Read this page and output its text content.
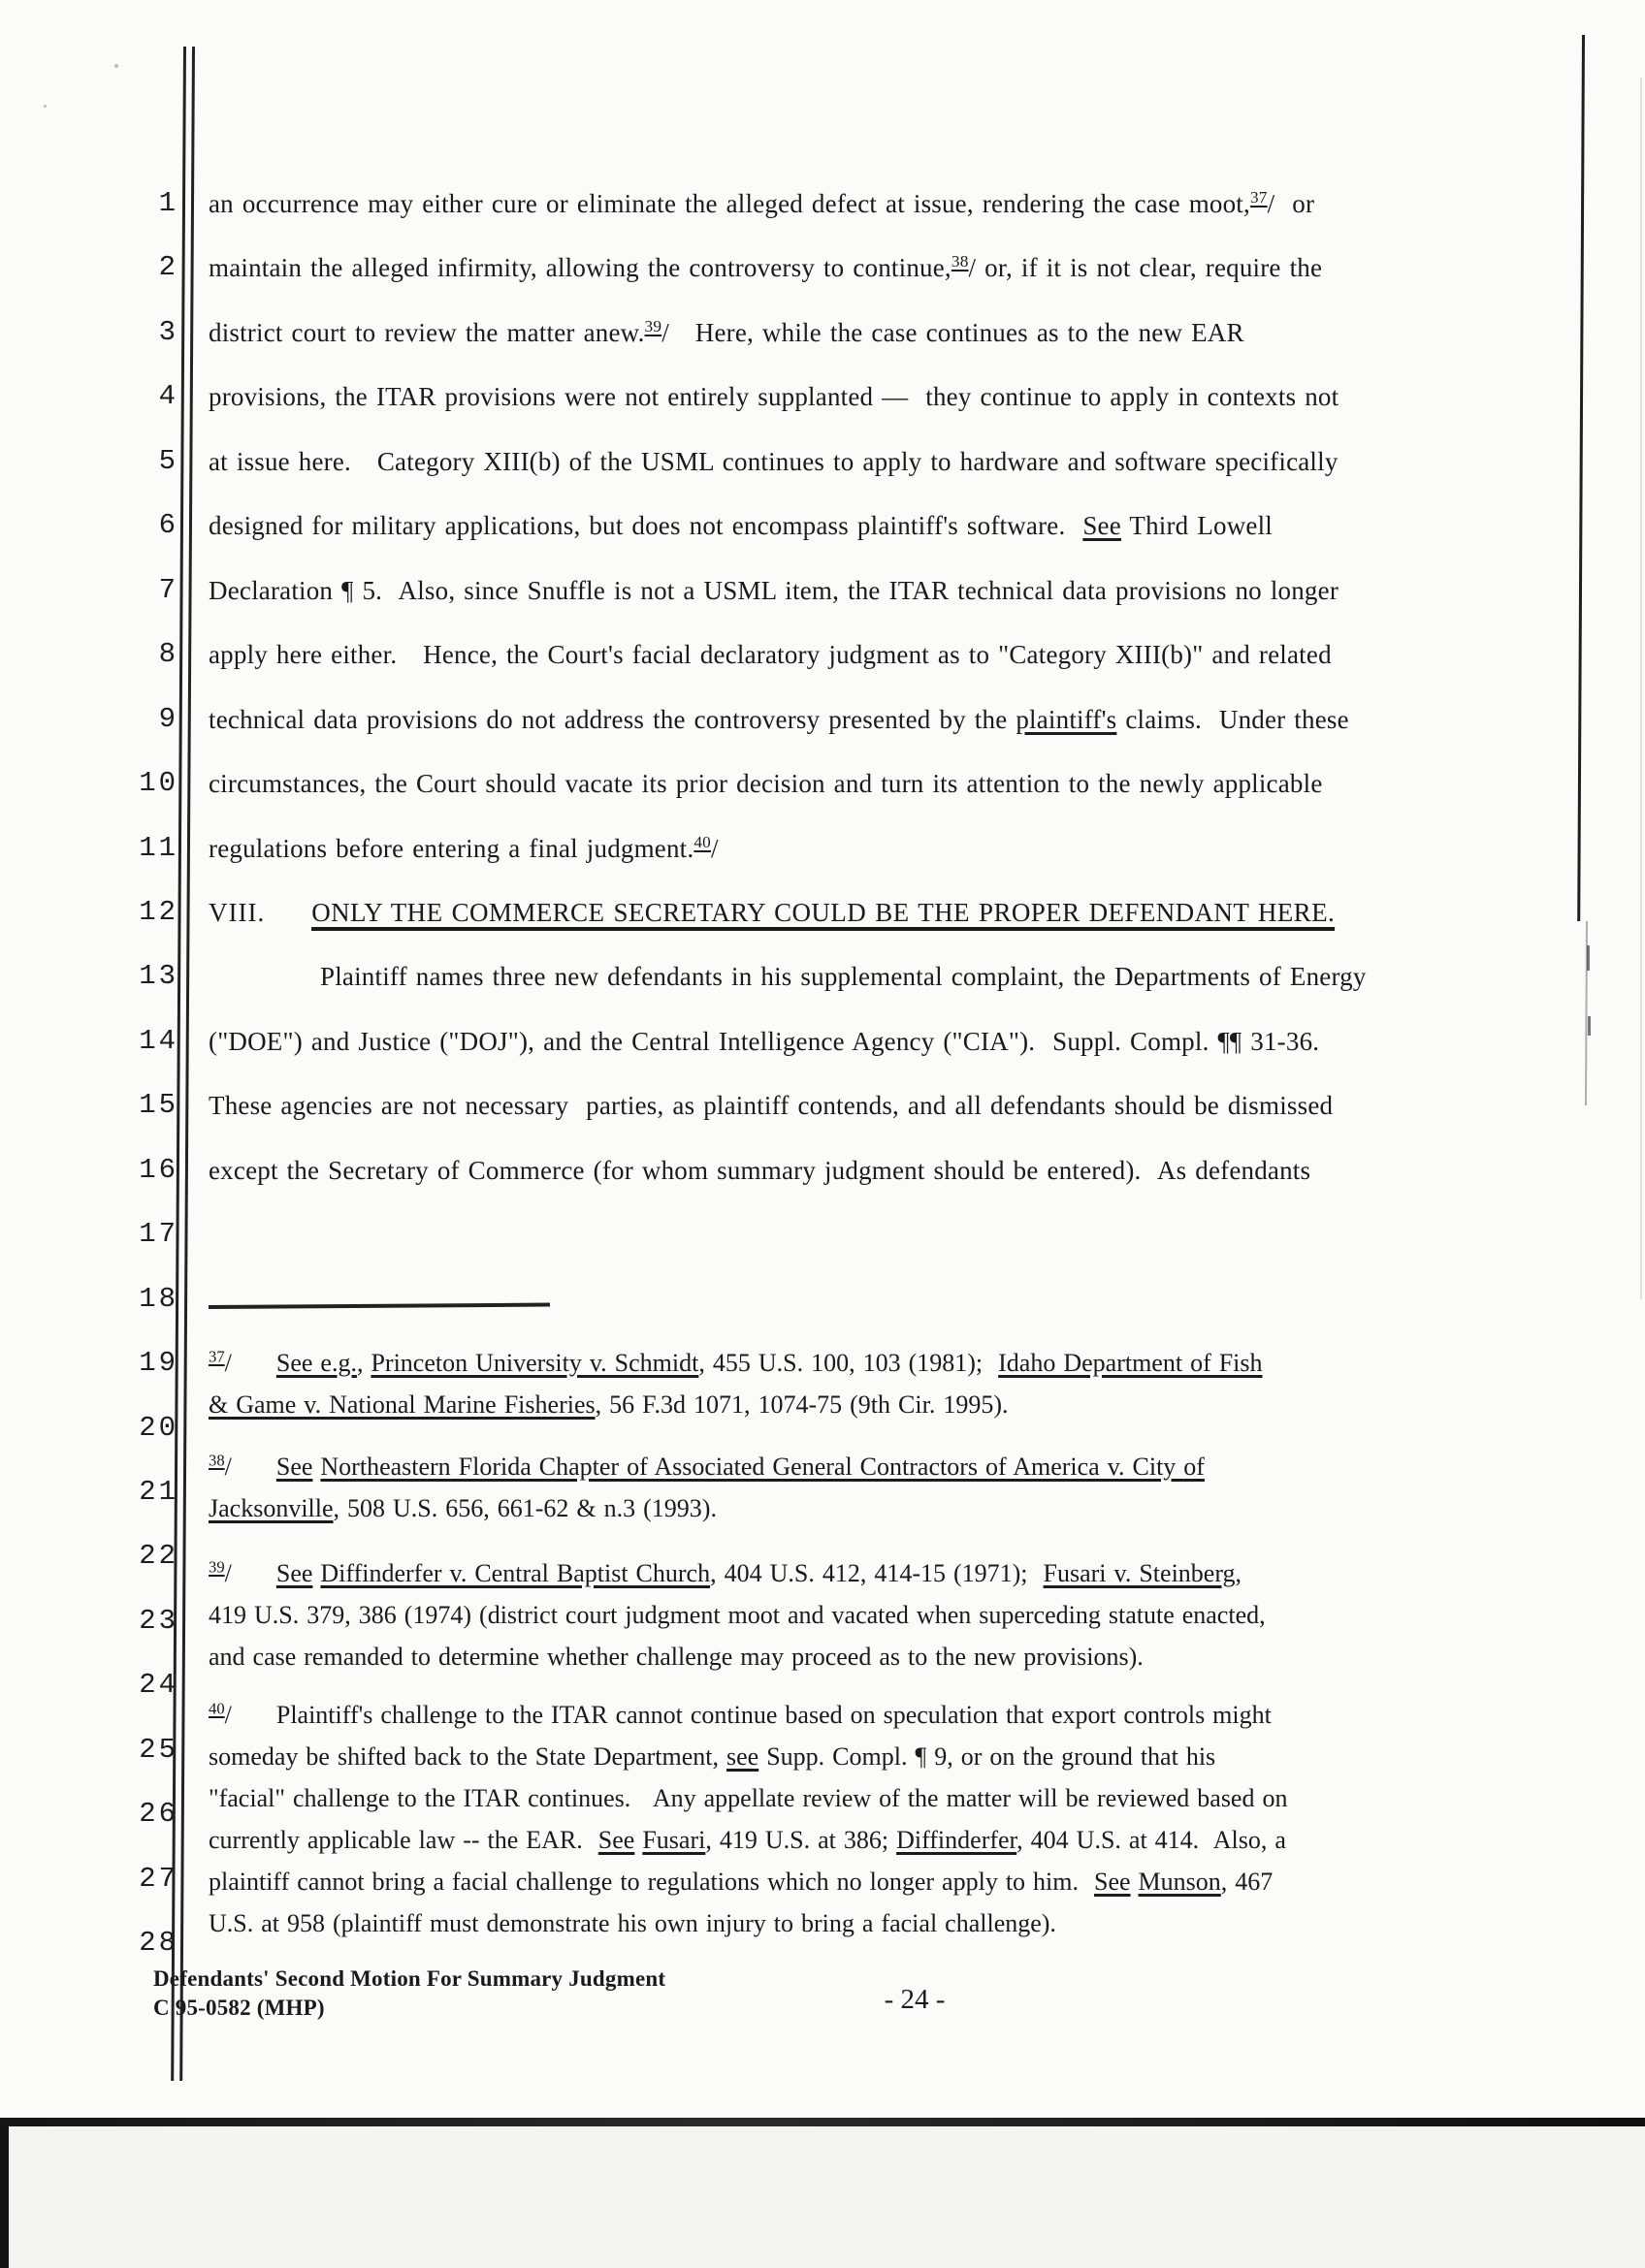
1
2
3
4
5
6
7
8
9
10
11
12
13
14
15
16
17
18
19
20
21
22
23
24
25
26
27
28
an occurrence may either cure or eliminate the alleged defect at issue, rendering the case moot,$^{37}$/  or
maintain the alleged infirmity, allowing the controversy to continue,$^{38}$/ or, if it is not clear, require the
district court to review the matter anew.$^{39}$/   Here, while the case continues as to the new EAR
provisions, the ITAR provisions were not entirely supplanted —  they continue to apply in contexts not
at issue here.   Category XIII(b) of the USML continues to apply to hardware and software specifically
designed for military applications, but does not encompass plaintiff's software.  See Third Lowell
Declaration ¶ 5.  Also, since Snuffle is not a USML item, the ITAR technical data provisions no longer
apply here either.   Hence, the Court's facial declaratory judgment as to "Category XIII(b)" and related
technical data provisions do not address the controversy presented by the plaintiff's claims.  Under these
circumstances, the Court should vacate its prior decision and turn its attention to the newly applicable
regulations before entering a final judgment.$^{40}$/
VIII. ONLY THE COMMERCE SECRETARY COULD BE THE PROPER DEFENDANT HERE.
Plaintiff names three new defendants in his supplemental complaint, the Departments of Energy
("DOE") and Justice ("DOJ"), and the Central Intelligence Agency ("CIA").  Suppl. Compl. ¶¶ 31-36.
These agencies are not necessary  parties, as plaintiff contends, and all defendants should be dismissed
except the Secretary of Commerce (for whom summary judgment should be entered).  As defendants
$^{37}$/ See e.g., Princeton University v. Schmidt, 455 U.S. 100, 103 (1981);  Idaho Department of Fish
& Game v. National Marine Fisheries, 56 F.3d 1071, 1074-75 (9th Cir. 1995).
$^{38}$/ See Northeastern Florida Chapter of Associated General Contractors of America v. City of
Jacksonville, 508 U.S. 656, 661-62 & n.3 (1993).
$^{39}$/ See Diffinderfer v. Central Baptist Church, 404 U.S. 412, 414-15 (1971);  Fusari v. Steinberg,
419 U.S. 379, 386 (1974) (district court judgment moot and vacated when superceding statute enacted,
and case remanded to determine whether challenge may proceed as to the new provisions).
$^{40}$/ Plaintiff's challenge to the ITAR cannot continue based on speculation that export controls might
someday be shifted back to the State Department, see Supp. Compl. ¶ 9, or on the ground that his
"facial" challenge to the ITAR continues.   Any appellate review of the matter will be reviewed based on
currently applicable law -- the EAR.  See Fusari, 419 U.S. at 386; Diffinderfer, 404 U.S. at 414.  Also, a
plaintiff cannot bring a facial challenge to regulations which no longer apply to him.  See Munson, 467
U.S. at 958 (plaintiff must demonstrate his own injury to bring a facial challenge).
Defendants' Second Motion For Summary Judgment
C 95-0582 (MHP)	- 24 -
